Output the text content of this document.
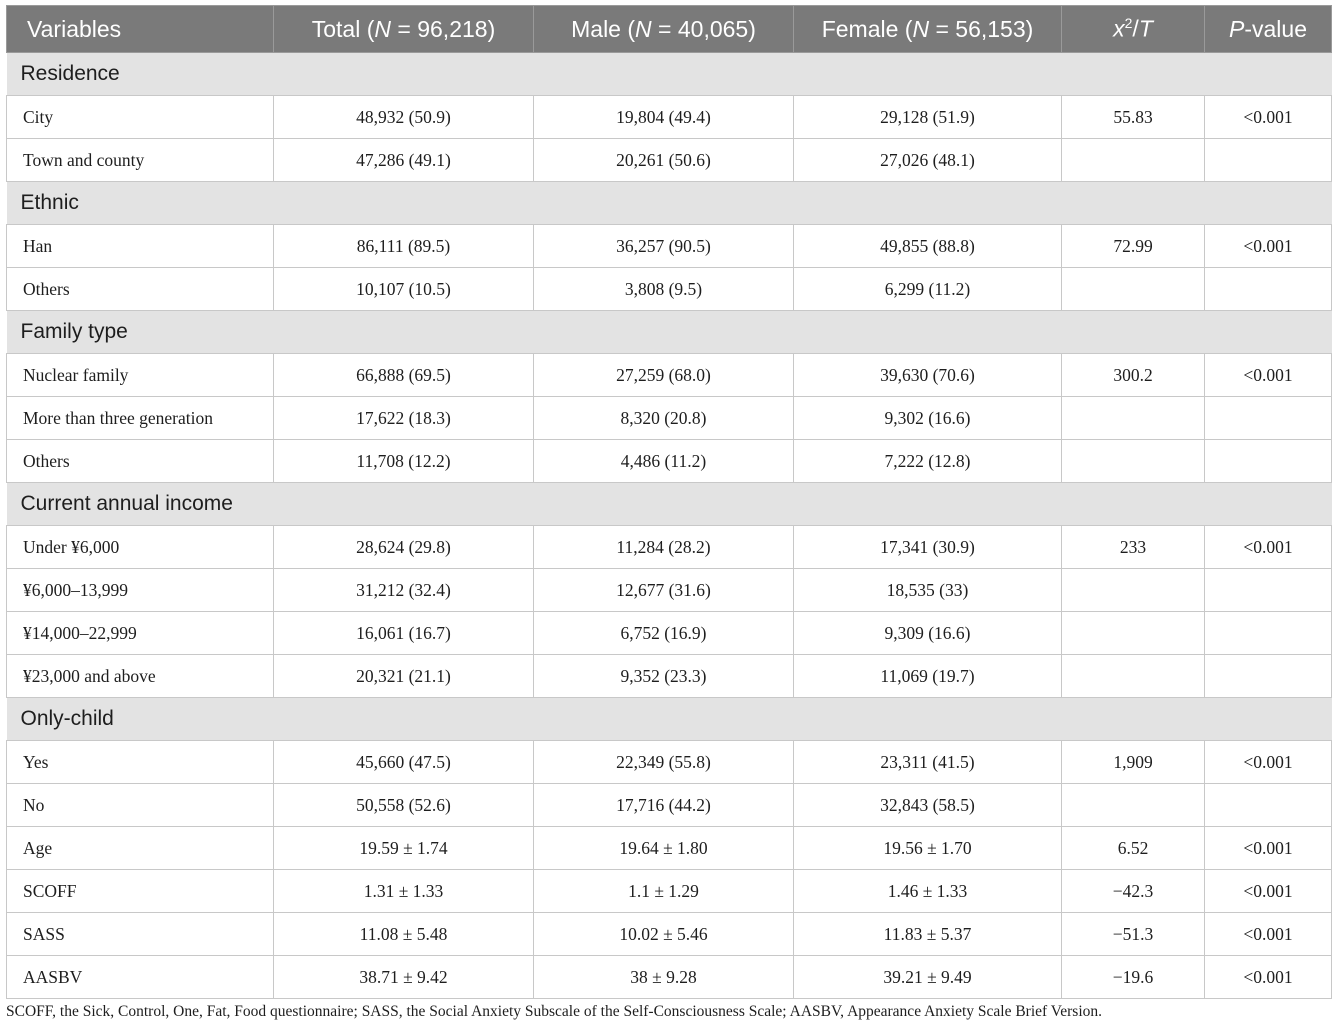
Variables	Total (N = 96,218)	Male (N = 40,065)	Female (N = 56,153)	$x^2/T$	P-value
Residence					
City	48,932 (50.9)	19,804 (49.4)	29,128 (51.9)	55.83	<0.001
Town and county	47,286 (49.1)	20,261 (50.6)	27,026 (48.1)		
Ethnic					
Han	86,111 (89.5)	36,257 (90.5)	49,855 (88.8)	72.99	<0.001
Others	10,107 (10.5)	3,808 (9.5)	6,299 (11.2)		
Family type					
Nuclear family	66,888 (69.5)	27,259 (68.0)	39,630 (70.6)	300.2	<0.001
More than three generation	17,622 (18.3)	8,320 (20.8)	9,302 (16.6)		
Others	11,708 (12.2)	4,486 (11.2)	7,222 (12.8)		
Current annual income					
Under ¥6,000	28,624 (29.8)	11,284 (28.2)	17,341 (30.9)	233	<0.001
¥6,000–13,999	31,212 (32.4)	12,677 (31.6)	18,535 (33)		
¥14,000–22,999	16,061 (16.7)	6,752 (16.9)	9,309 (16.6)		
¥23,000 and above	20,321 (21.1)	9,352 (23.3)	11,069 (19.7)		
Only-child					
Yes	45,660 (47.5)	22,349 (55.8)	23,311 (41.5)	1,909	<0.001
No	50,558 (52.6)	17,716 (44.2)	32,843 (58.5)		
Age	19.59 ± 1.74	19.64 ± 1.80	19.56 ± 1.70	6.52	<0.001
SCOFF	1.31 ± 1.33	1.1 ± 1.29	1.46 ± 1.33	−42.3	<0.001
SASS	11.08 ± 5.48	10.02 ± 5.46	11.83 ± 5.37	−51.3	<0.001
AASBV	38.71 ± 9.42	38 ± 9.28	39.21 ± 9.49	−19.6	<0.001
SCOFF, the Sick, Control, One, Fat, Food questionnaire; SASS, the Social Anxiety Subscale of the Self-Consciousness Scale; AASBV, Appearance Anxiety Scale Brief Version.
